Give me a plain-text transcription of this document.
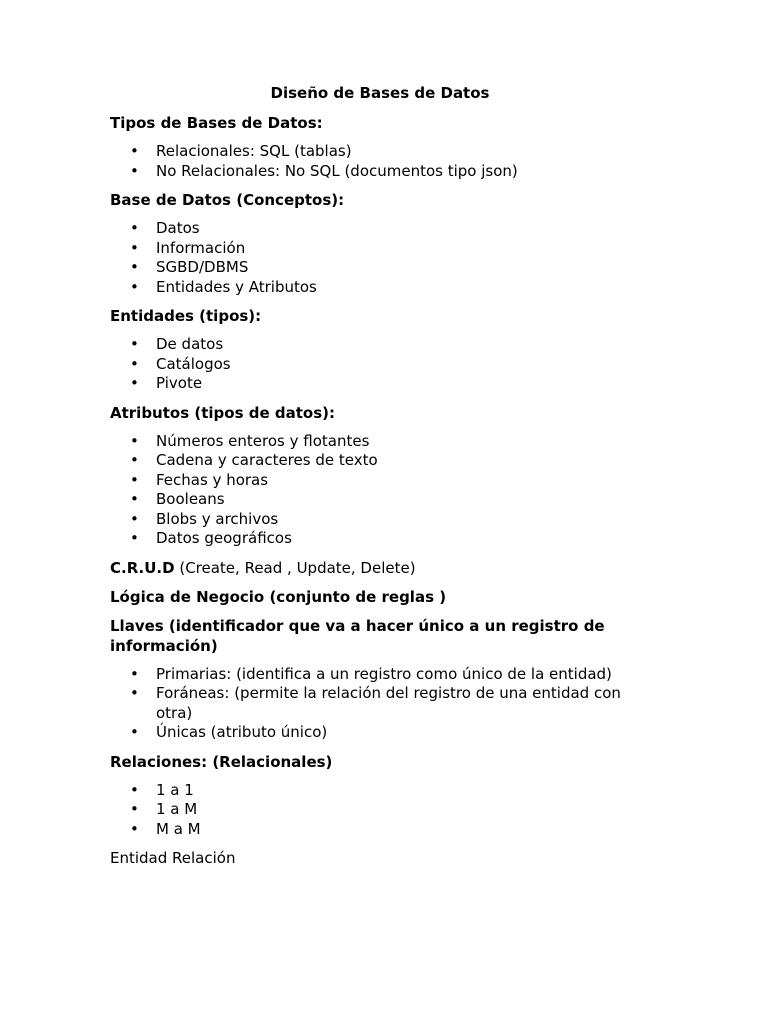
Diseño de Bases de Datos
Tipos de Bases de Datos:
• Relacionales: SQL (tablas)
• No Relacionales: No SQL (documentos tipo json)
Base de Datos (Conceptos):
• Datos
• Información
• SGBD/DBMS
• Entidades y Atributos
Entidades (tipos):
• De datos
• Catálogos
• Pivote
Atributos (tipos de datos):
• Números enteros y flotantes
• Cadena y caracteres de texto
• Fechas y horas
• Booleans
• Blobs y archivos
• Datos geográficos
C.R.U.D (Create, Read , Update, Delete)
Lógica de Negocio (conjunto de reglas )
Llaves (identificador que va a hacer único a un registro de información)
• Primarias: (identifica a un registro como único de la entidad)
• Foráneas: (permite la relación del registro de una entidad con otra)
• Únicas (atributo único)
Relaciones: (Relacionales)
• 1 a 1
• 1 a M
• M a M
Entidad Relación
